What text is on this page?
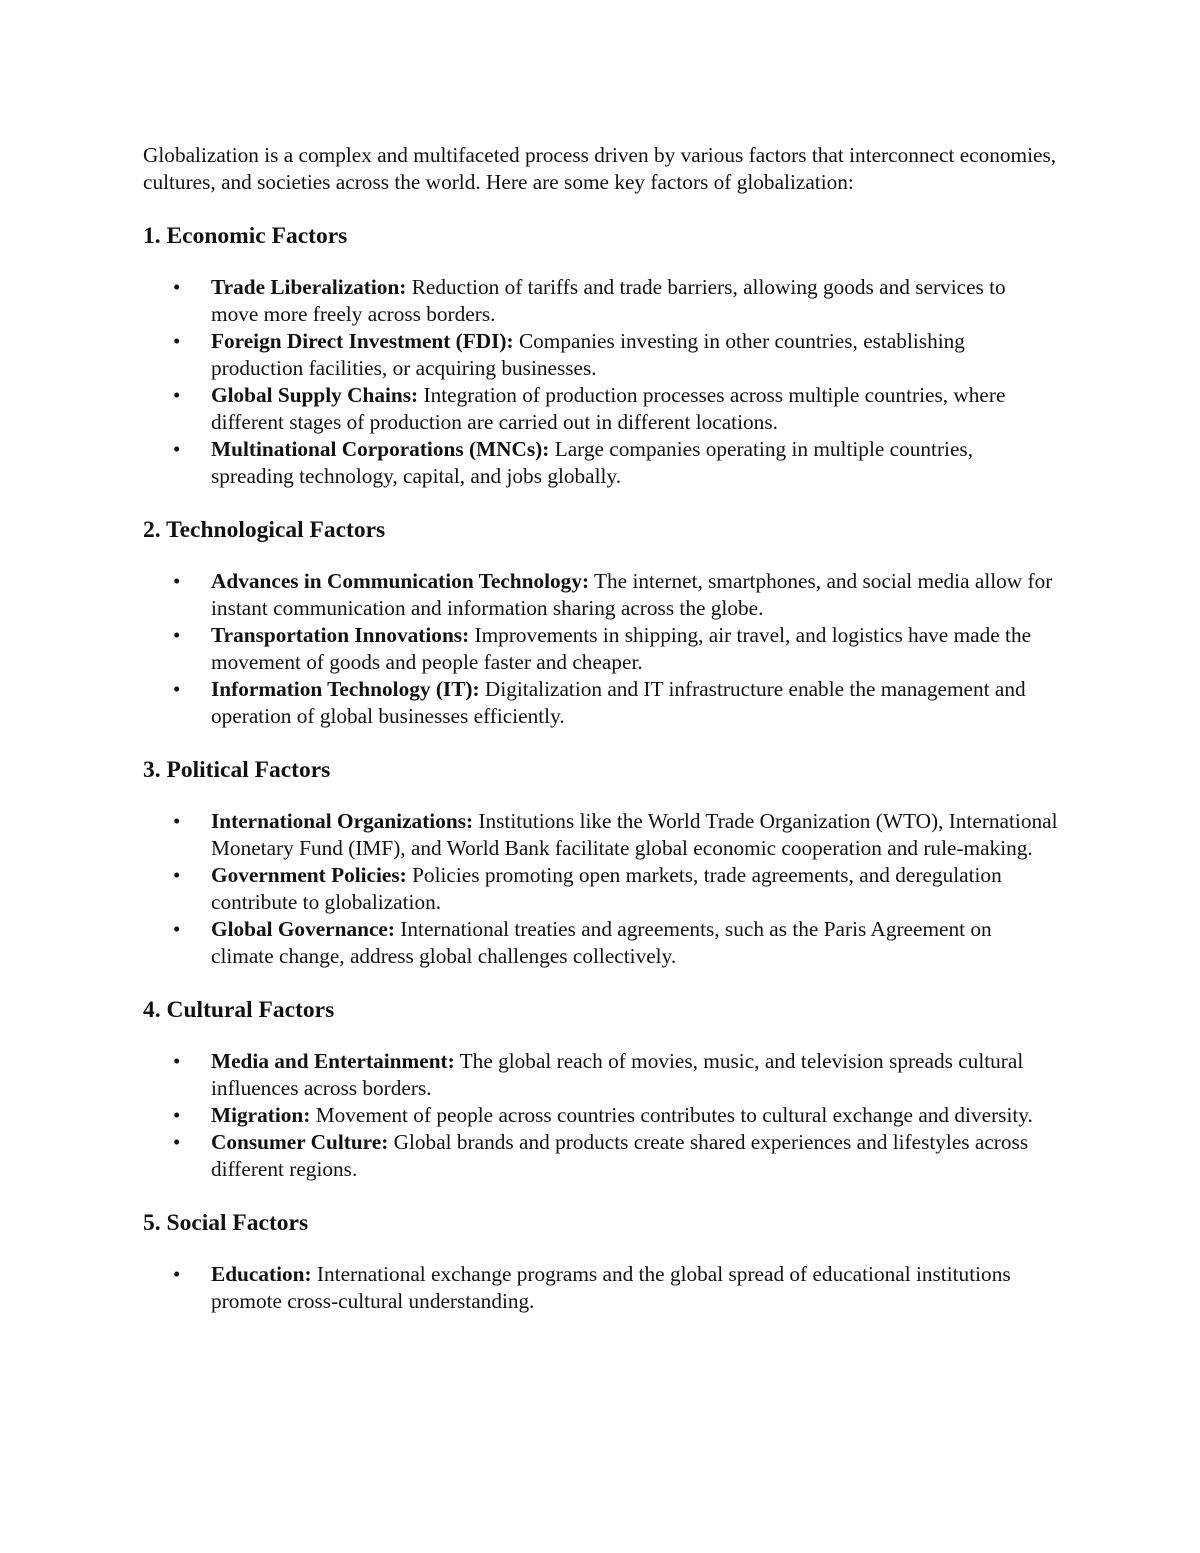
Globalization is a complex and multifaceted process driven by various factors that interconnect economies, cultures, and societies across the world. Here are some key factors of globalization:

1. Economic Factors
• Trade Liberalization: Reduction of tariffs and trade barriers, allowing goods and services to move more freely across borders.
• Foreign Direct Investment (FDI): Companies investing in other countries, establishing production facilities, or acquiring businesses.
• Global Supply Chains: Integration of production processes across multiple countries, where different stages of production are carried out in different locations.
• Multinational Corporations (MNCs): Large companies operating in multiple countries, spreading technology, capital, and jobs globally.
2. Technological Factors
• Advances in Communication Technology: The internet, smartphones, and social media allow for instant communication and information sharing across the globe.
• Transportation Innovations: Improvements in shipping, air travel, and logistics have made the movement of goods and people faster and cheaper.
• Information Technology (IT): Digitalization and IT infrastructure enable the management and operation of global businesses efficiently.
3. Political Factors
• International Organizations: Institutions like the World Trade Organization (WTO), International Monetary Fund (IMF), and World Bank facilitate global economic cooperation and rule-making.
• Government Policies: Policies promoting open markets, trade agreements, and deregulation contribute to globalization.
• Global Governance: International treaties and agreements, such as the Paris Agreement on climate change, address global challenges collectively.
4. Cultural Factors
• Media and Entertainment: The global reach of movies, music, and television spreads cultural influences across borders.
• Migration: Movement of people across countries contributes to cultural exchange and diversity.
• Consumer Culture: Global brands and products create shared experiences and lifestyles across different regions.
5. Social Factors
• Education: International exchange programs and the global spread of educational institutions promote cross-cultural understanding.
